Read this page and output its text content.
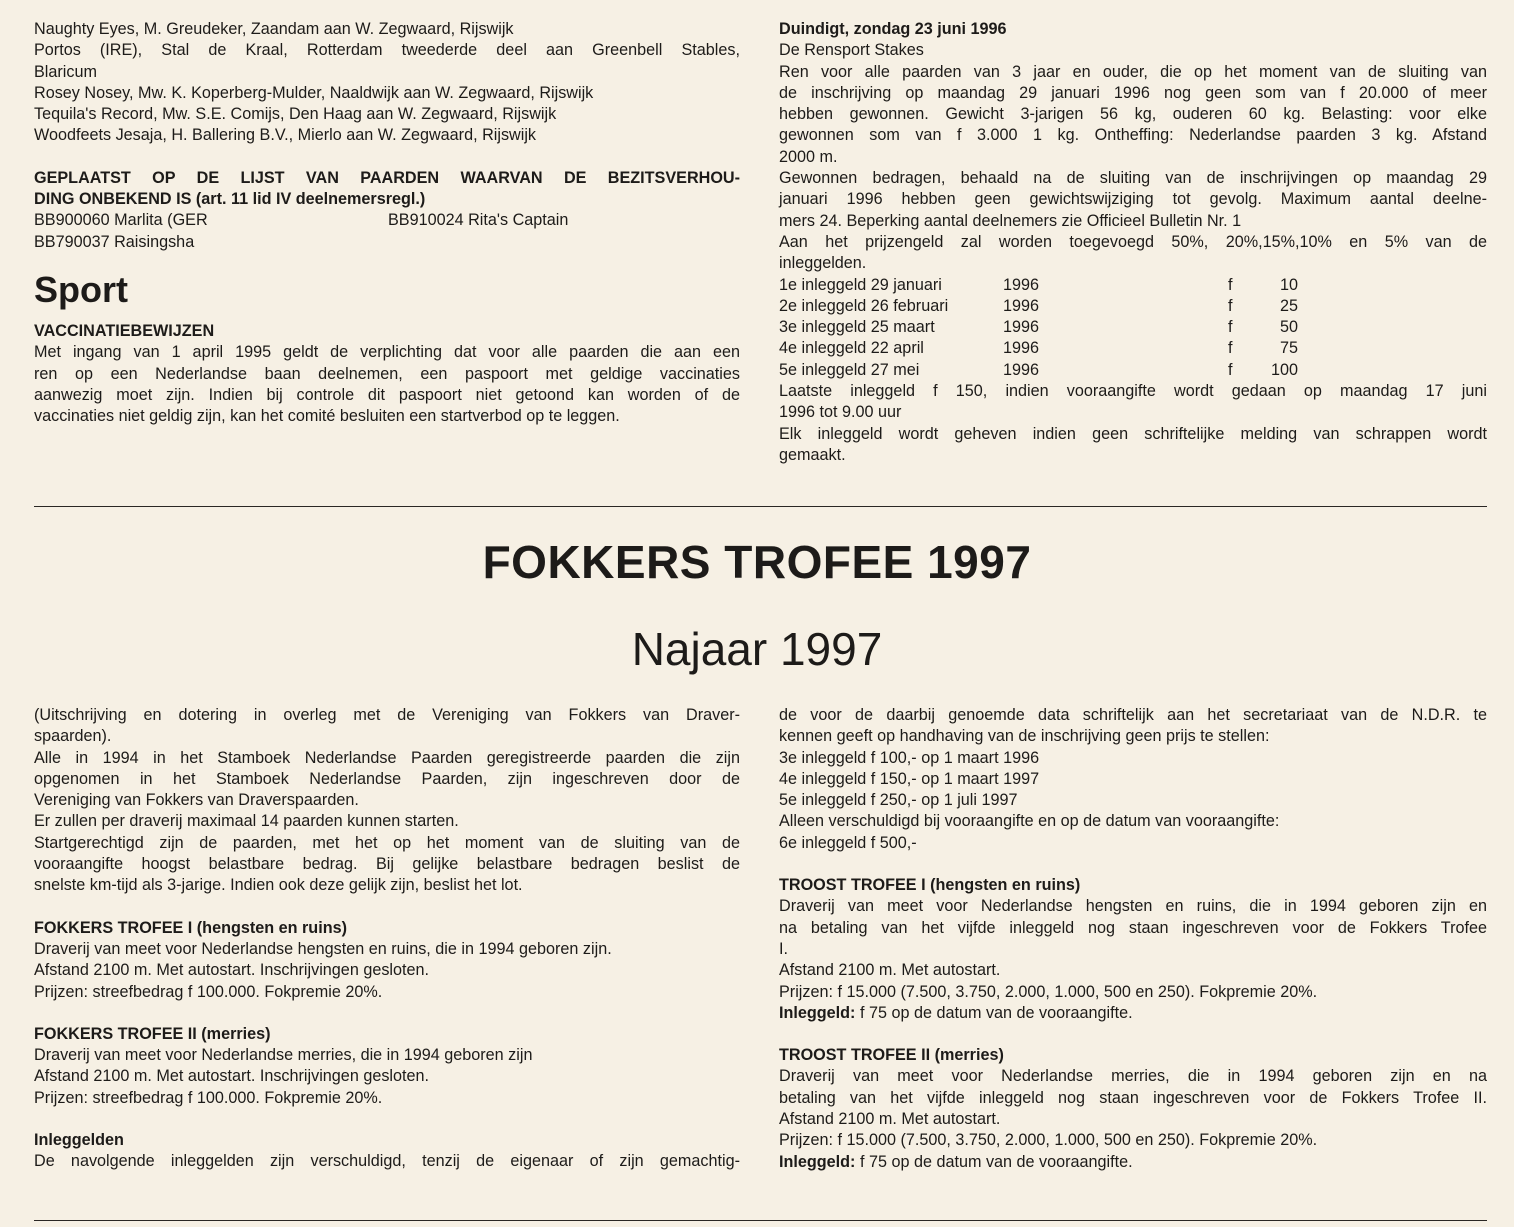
Naughty Eyes, M. Greudeker, Zaandam aan W. Zegwaard, Rijswijk
Portos (IRE), Stal de Kraal, Rotterdam tweederde deel aan Greenbell Stables,
Blaricum
Rosey Nosey, Mw. K. Koperberg-Mulder, Naaldwijk aan W. Zegwaard, Rijswijk
Tequila's Record, Mw. S.E. Comijs, Den Haag aan W. Zegwaard, Rijswijk
Woodfeets Jesaja, H. Ballering B.V., Mierlo aan W. Zegwaard, Rijswijk
GEPLAATST OP DE LIJST VAN PAARDEN WAARVAN DE BEZITSVERHOU-
DING ONBEKEND IS (art. 11 lid IV deelnemersregl.)
BB900060 Marlita (GER	BB910024 Rita's Captain
BB790037 Raisingsha
Sport
VACCINATIEBEWIJZEN
Met ingang van 1 april 1995 geldt de verplichting dat voor alle paarden die aan een
ren op een Nederlandse baan deelnemen, een paspoort met geldige vaccinaties
aanwezig moet zijn. Indien bij controle dit paspoort niet getoond kan worden of de
vaccinaties niet geldig zijn, kan het comité besluiten een startverbod op te leggen.
Duindigt, zondag 23 juni 1996
De Rensport Stakes
Ren voor alle paarden van 3 jaar en ouder, die op het moment van de sluiting van
de inschrijving op maandag 29 januari 1996 nog geen som van f 20.000 of meer
hebben gewonnen. Gewicht 3-jarigen 56 kg, ouderen 60 kg. Belasting: voor elke
gewonnen som van f 3.000 1 kg. Ontheffing: Nederlandse paarden 3 kg. Afstand
2000 m.
Gewonnen bedragen, behaald na de sluiting van de inschrijvingen op maandag 29
januari 1996 hebben geen gewichtswijziging tot gevolg. Maximum aantal deelne-
mers 24. Beperking aantal deelnemers zie Officieel Bulletin Nr. 1
Aan het prijzengeld zal worden toegevoegd 50%, 20%,15%,10% en 5% van de
inleggelden.
1e inleggeld 29 januari	1996	f	10
2e inleggeld 26 februari	1996	f	25
3e inleggeld 25 maart	1996	f	50
4e inleggeld 22 april	1996	f	75
5e inleggeld 27 mei	1996	f	100
Laatste inleggeld f 150, indien vooraangifte wordt gedaan op maandag 17 juni
1996 tot 9.00 uur
Elk inleggeld wordt geheven indien geen schriftelijke melding van schrappen wordt
gemaakt.
FOKKERS TROFEE 1997
Najaar 1997
(Uitschrijving en dotering in overleg met de Vereniging van Fokkers van Draver-
spaarden).
Alle in 1994 in het Stamboek Nederlandse Paarden geregistreerde paarden die zijn
opgenomen in het Stamboek Nederlandse Paarden, zijn ingeschreven door de
Vereniging van Fokkers van Draverspaarden.
Er zullen per draverij maximaal 14 paarden kunnen starten.
Startgerechtigd zijn de paarden, met het op het moment van de sluiting van de
vooraangifte hoogst belastbare bedrag. Bij gelijke belastbare bedragen beslist de
snelste km-tijd als 3-jarige. Indien ook deze gelijk zijn, beslist het lot.
FOKKERS TROFEE I (hengsten en ruins)
Draverij van meet voor Nederlandse hengsten en ruins, die in 1994 geboren zijn.
Afstand 2100 m. Met autostart. Inschrijvingen gesloten.
Prijzen: streefbedrag f 100.000. Fokpremie 20%.
FOKKERS TROFEE II (merries)
Draverij van meet voor Nederlandse merries, die in 1994 geboren zijn
Afstand 2100 m. Met autostart. Inschrijvingen gesloten.
Prijzen: streefbedrag f 100.000. Fokpremie 20%.
Inleggelden
De navolgende inleggelden zijn verschuldigd, tenzij de eigenaar of zijn gemachtig-
de voor de daarbij genoemde data schriftelijk aan het secretariaat van de N.D.R. te
kennen geeft op handhaving van de inschrijving geen prijs te stellen:
3e inleggeld f 100,- op 1 maart 1996
4e inleggeld f 150,- op 1 maart 1997
5e inleggeld f 250,- op 1 juli 1997
Alleen verschuldigd bij vooraangifte en op de datum van vooraangifte:
6e inleggeld f 500,-
TROOST TROFEE I (hengsten en ruins)
Draverij van meet voor Nederlandse hengsten en ruins, die in 1994 geboren zijn en
na betaling van het vijfde inleggeld nog staan ingeschreven voor de Fokkers Trofee
I.
Afstand 2100 m. Met autostart.
Prijzen: f 15.000 (7.500, 3.750, 2.000, 1.000, 500 en 250). Fokpremie 20%.
Inleggeld: f 75 op de datum van de vooraangifte.
TROOST TROFEE II (merries)
Draverij van meet voor Nederlandse merries, die in 1994 geboren zijn en na
betaling van het vijfde inleggeld nog staan ingeschreven voor de Fokkers Trofee II.
Afstand 2100 m. Met autostart.
Prijzen: f 15.000 (7.500, 3.750, 2.000, 1.000, 500 en 250). Fokpremie 20%.
Inleggeld: f 75 op de datum van de vooraangifte.
